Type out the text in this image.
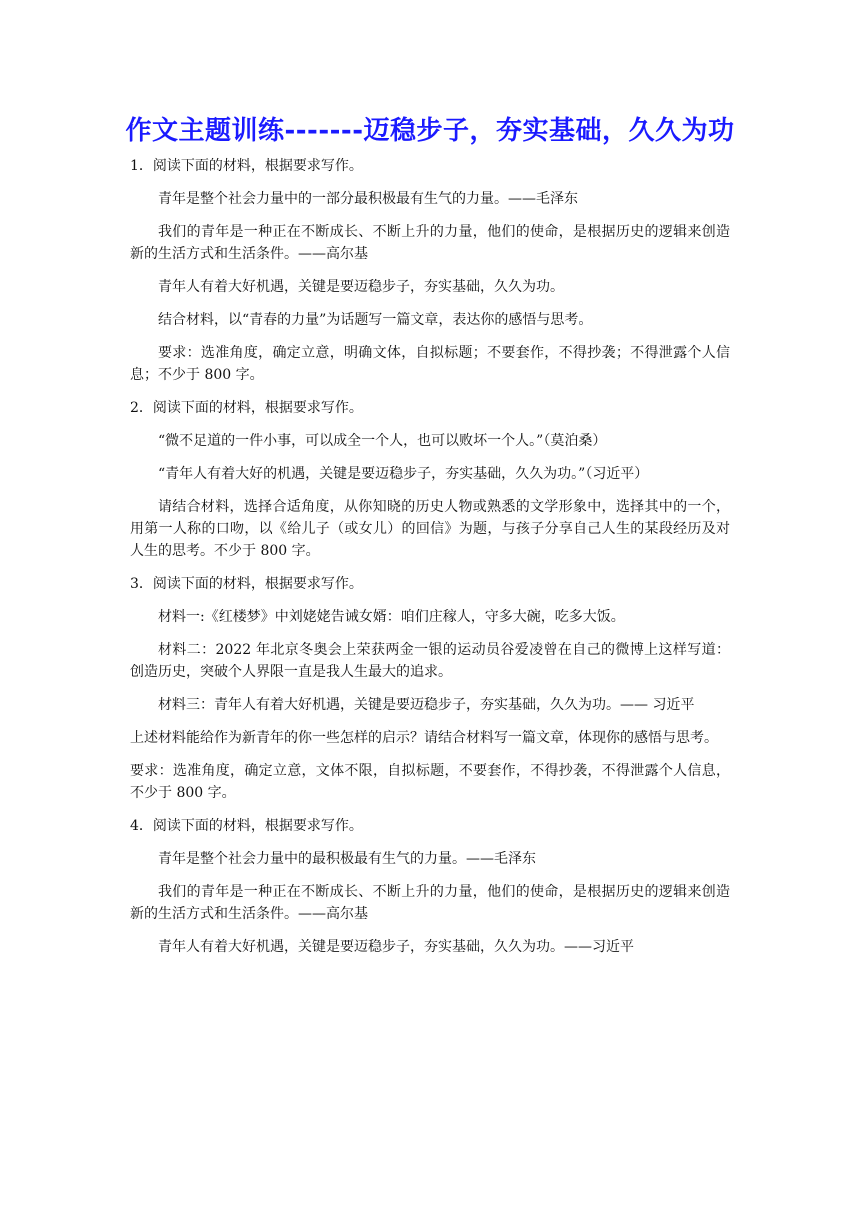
作文主题训练-------迈稳步子，夯实基础，久久为功

1．阅读下面的材料，根据要求写作。

青年是整个社会力量中的一部分最积极最有生气的力量。——毛泽东

我们的青年是一种正在不断成长、不断上升的力量，他们的使命，是根据历史的逻辑来创造新的生活方式和生活条件。——高尔基

青年人有着大好机遇，关键是要迈稳步子，夯实基础，久久为功。

结合材料，以“青春的力量”为话题写一篇文章，表达你的感悟与思考。

要求：选准角度，确定立意，明确文体，自拟标题；不要套作，不得抄袭；不得泄露个人信息；不少于 800 字。

2．阅读下面的材料，根据要求写作。

“微不足道的一件小事，可以成全一个人，也可以败坏一个人。”（莫泊桑）

“青年人有着大好的机遇，关键是要迈稳步子，夯实基础，久久为功。”（习近平）

请结合材料，选择合适角度，从你知晓的历史人物或熟悉的文学形象中，选择其中的一个，用第一人称的口吻，以《给儿子（或女儿）的回信》为题，与孩子分享自己人生的某段经历及对人生的思考。不少于 800 字。

3．阅读下面的材料，根据要求写作。

材料一:《红楼梦》中刘姥姥告诫女婿：咱们庄稼人，守多大碗，吃多大饭。

材料二：2022 年北京冬奥会上荣获两金一银的运动员谷爱凌曾在自己的微博上这样写道：创造历史，突破个人界限一直是我人生最大的追求。

材料三：青年人有着大好机遇，关键是要迈稳步子，夯实基础，久久为功。—— 习近平

上述材料能给作为新青年的你一些怎样的启示？请结合材料写一篇文章，体现你的感悟与思考。

要求：选准角度，确定立意，文体不限，自拟标题，不要套作，不得抄袭，不得泄露个人信息，不少于 800 字。

4．阅读下面的材料，根据要求写作。

青年是整个社会力量中的最积极最有生气的力量。——毛泽东

我们的青年是一种正在不断成长、不断上升的力量，他们的使命，是根据历史的逻辑来创造新的生活方式和生活条件。——高尔基

青年人有着大好机遇，关键是要迈稳步子，夯实基础，久久为功。——习近平
